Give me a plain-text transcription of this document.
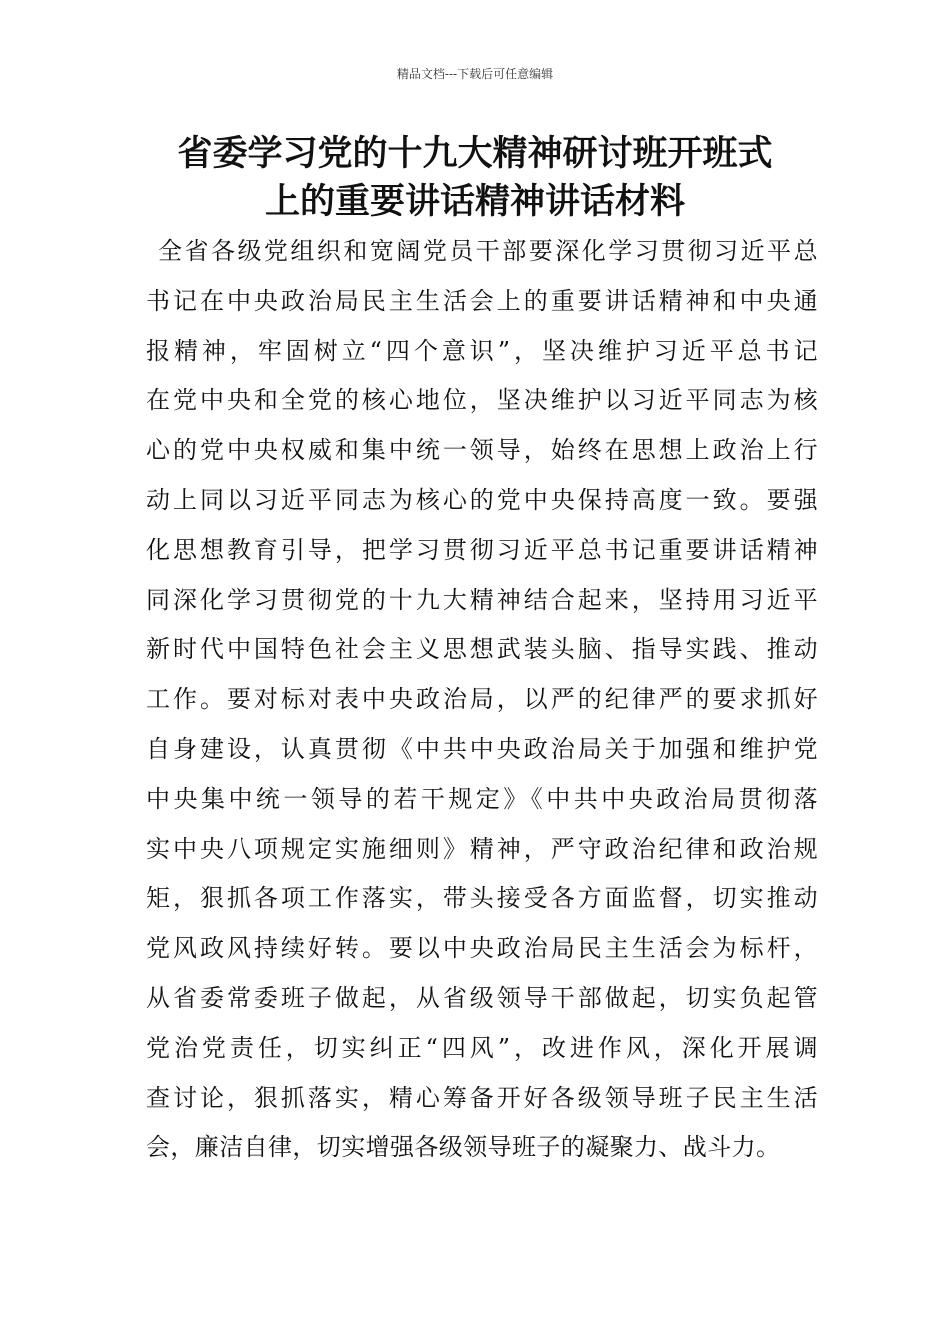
精品文档---下载后可任意编辑
省委学习党的十九大精神研讨班开班式
上的重要讲话精神讲话材料
全省各级党组织和宽阔党员干部要深化学习贯彻习近平总
书记在中央政治局民主生活会上的重要讲话精神和中央通
报精神，牢固树立“四个意识”，坚决维护习近平总书记
在党中央和全党的核心地位，坚决维护以习近平同志为核
心的党中央权威和集中统一领导，始终在思想上政治上行
动上同以习近平同志为核心的党中央保持高度一致。要强
化思想教育引导，把学习贯彻习近平总书记重要讲话精神
同深化学习贯彻党的十九大精神结合起来，坚持用习近平
新时代中国特色社会主义思想武装头脑、指导实践、推动
工作。要对标对表中央政治局，以严的纪律严的要求抓好
自身建设，认真贯彻《中共中央政治局关于加强和维护党
中央集中统一领导的若干规定》《中共中央政治局贯彻落
实中央八项规定实施细则》精神，严守政治纪律和政治规
矩，狠抓各项工作落实，带头接受各方面监督，切实推动
党风政风持续好转。要以中央政治局民主生活会为标杆，
从省委常委班子做起，从省级领导干部做起，切实负起管
党治党责任，切实纠正“四风”，改进作风，深化开展调
查讨论，狠抓落实，精心筹备开好各级领导班子民主生活
会，廉洁自律，切实增强各级领导班子的凝聚力、战斗力。
